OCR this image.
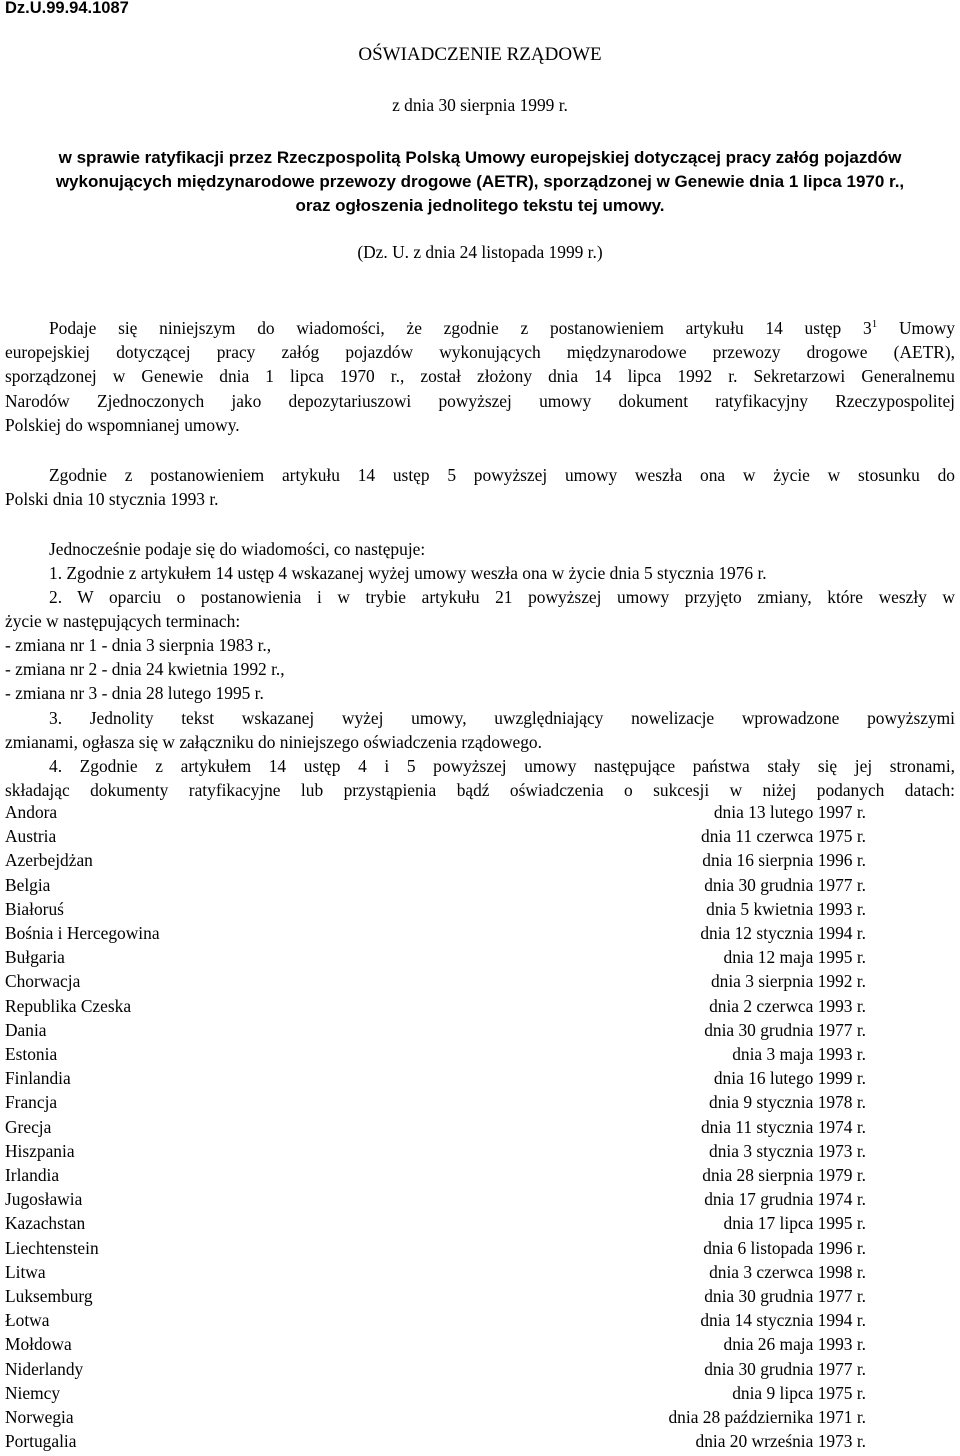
Dz.U.99.94.1087
OŚWIADCZENIE RZĄDOWE
z dnia 30 sierpnia 1999 r.
w sprawie ratyfikacji przez Rzeczpospolitą Polską Umowy europejskiej dotyczącej pracy załóg pojazdów
wykonujących międzynarodowe przewozy drogowe (AETR), sporządzonej w Genewie dnia 1 lipca 1970 r.,
oraz ogłoszenia jednolitego tekstu tej umowy.
(Dz. U. z dnia 24 listopada 1999 r.)
Podaje się niniejszym do wiadomości, że zgodnie z postanowieniem artykułu 14 ustęp $3^1$ Umowy
europejskiej dotyczącej pracy załóg pojazdów wykonujących międzynarodowe przewozy drogowe (AETR),
sporządzonej w Genewie dnia 1 lipca 1970 r., został złożony dnia 14 lipca 1992 r. Sekretarzowi Generalnemu
Narodów Zjednoczonych jako depozytariuszowi powyższej umowy dokument ratyfikacyjny Rzeczypospolitej
Polskiej do wspomnianej umowy.
Zgodnie z postanowieniem artykułu 14 ustęp 5 powyższej umowy weszła ona w życie w stosunku do
Polski dnia 10 stycznia 1993 r.
Jednocześnie podaje się do wiadomości, co następuje:
1. Zgodnie z artykułem 14 ustęp 4 wskazanej wyżej umowy weszła ona w życie dnia 5 stycznia 1976 r.
2. W oparciu o postanowienia i w trybie artykułu 21 powyższej umowy przyjęto zmiany, które weszły w
życie w następujących terminach:
- zmiana nr 1 - dnia 3 sierpnia 1983 r.,
- zmiana nr 2 - dnia 24 kwietnia 1992 r.,
- zmiana nr 3 - dnia 28 lutego 1995 r.
3. Jednolity tekst wskazanej wyżej umowy, uwzględniający nowelizacje wprowadzone powyższymi
zmianami, ogłasza się w załączniku do niniejszego oświadczenia rządowego.
4. Zgodnie z artykułem 14 ustęp 4 i 5 powyższej umowy następujące państwa stały się jej stronami,
składając dokumenty ratyfikacyjne lub przystąpienia bądź oświadczenia o sukcesji w niżej podanych datach:
Andora	dnia 13 lutego 1997 r.
Austria	dnia 11 czerwca 1975 r.
Azerbejdżan	dnia 16 sierpnia 1996 r.
Belgia	dnia 30 grudnia 1977 r.
Białoruś	dnia 5 kwietnia 1993 r.
Bośnia i Hercegowina	dnia 12 stycznia 1994 r.
Bułgaria	dnia 12 maja 1995 r.
Chorwacja	dnia 3 sierpnia 1992 r.
Republika Czeska	dnia 2 czerwca 1993 r.
Dania	dnia 30 grudnia 1977 r.
Estonia	dnia 3 maja 1993 r.
Finlandia	dnia 16 lutego 1999 r.
Francja	dnia 9 stycznia 1978 r.
Grecja	dnia 11 stycznia 1974 r.
Hiszpania	dnia 3 stycznia 1973 r.
Irlandia	dnia 28 sierpnia 1979 r.
Jugosławia	dnia 17 grudnia 1974 r.
Kazachstan	dnia 17 lipca 1995 r.
Liechtenstein	dnia 6 listopada 1996 r.
Litwa	dnia 3 czerwca 1998 r.
Luksemburg	dnia 30 grudnia 1977 r.
Łotwa	dnia 14 stycznia 1994 r.
Mołdowa	dnia 26 maja 1993 r.
Niderlandy	dnia 30 grudnia 1977 r.
Niemcy	dnia 9 lipca 1975 r.
Norwegia	dnia 28 października 1971 r.
Portugalia	dnia 20 września 1973 r.
